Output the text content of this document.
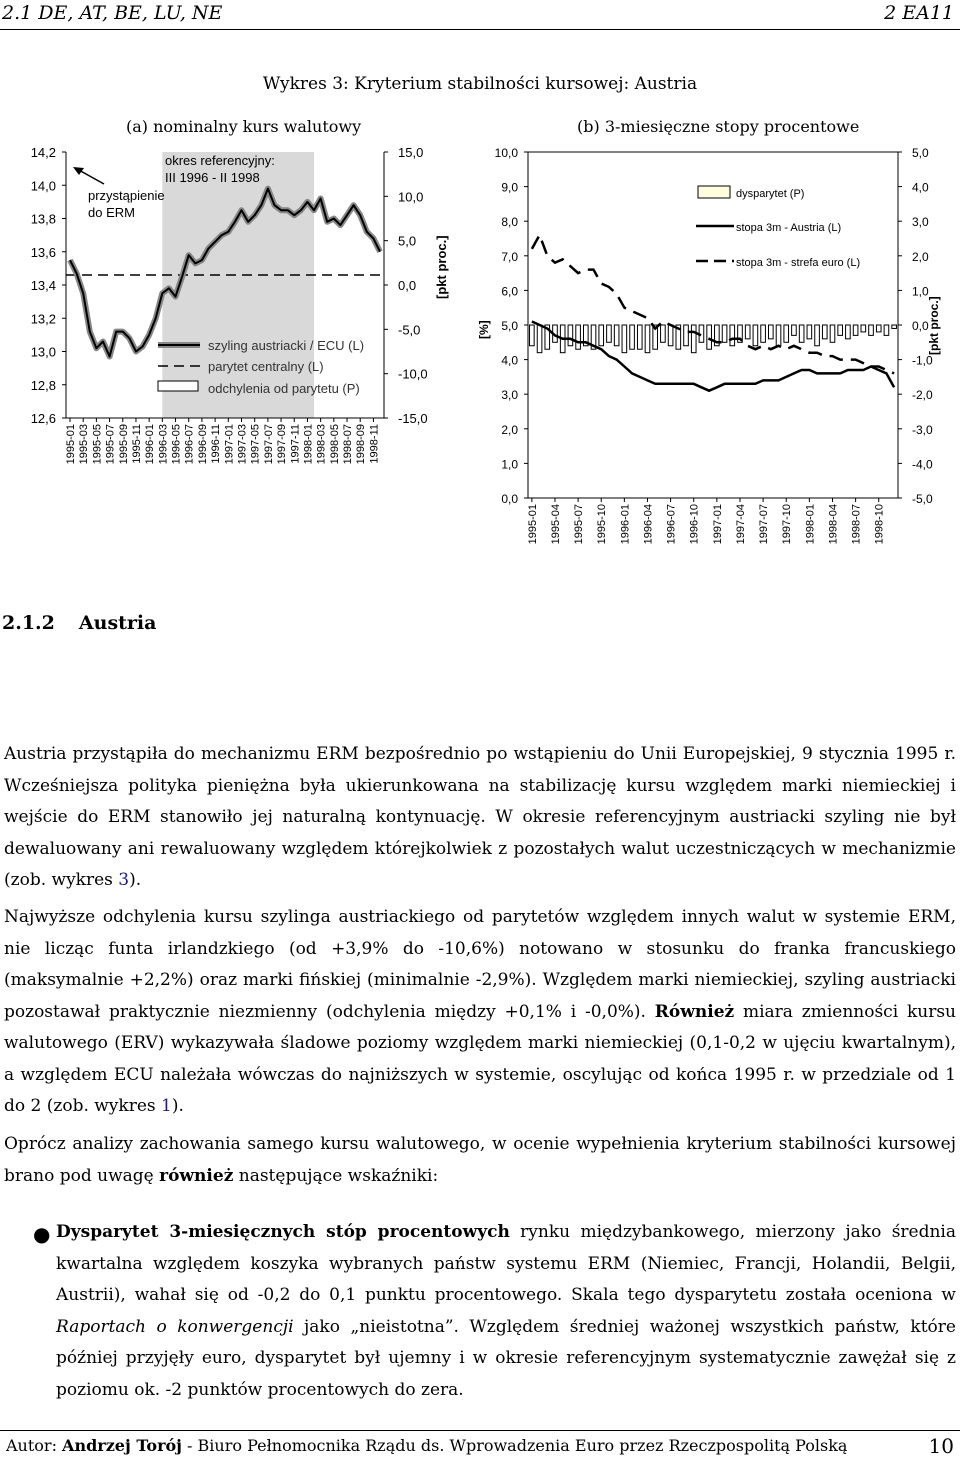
2.1 DE, AT, BE, LU, NE	2 EA11
Wykres 3: Kryterium stabilności kursowej: Austria
(a) nominalny kurs walutowy	(b) 3-miesięczne stopy procentowe
14,2
14,0
13,8
13,6
13,4
13,2
13,0
12,8
12,6
15,0
10,0
5,0
0,0
-5,0
-10,0
-15,0
[pkt proc.]
1995-01 1995-03 1995-05 1995-07 1995-09 1995-11 1996-01 1996-03 1996-05 1996-07 1996-09 1996-11 1997-01 1997-03 1997-05 1997-07 1997-09 1997-11 1998-01 1998-03 1998-05 1998-07 1998-09 1998-11
okres referencyjny:
III 1996 - II 1998
przystąpienie
do ERM
szyling austriacki / ECU (L)
parytet centralny (L)
odchylenia od parytetu (P)
10,0
9,0
8,0
7,0
6,0
5,0
4,0
3,0
2,0
1,0
0,0
5,0
4,0
3,0
2,0
1,0
0,0
-1,0
-2,0
-3,0
-4,0
-5,0
[%]	[pkt proc.]
1995-01 1995-04 1995-07 1995-10 1996-01 1996-04 1996-07 1996-10 1997-01 1997-04 1997-07 1997-10 1998-01 1998-04 1998-07 1998-10
dysparytet (P)
stopa 3m - Austria (L)
stopa 3m - strefa euro (L)
2.1.2 Austria
Austria przystąpiła do mechanizmu ERM bezpośrednio po wstąpieniu do Unii Europejskiej, 9 stycznia 1995 r. Wcześniejsza polityka pieniężna była ukierunkowana na stabilizację kursu względem marki niemieckiej i wejście do ERM stanowiło jej naturalną kontynuację. W okresie referencyjnym austriacki szyling nie był dewaluowany ani rewaluowany względem którejkolwiek z pozostałych walut uczestniczących w mechanizmie (zob. wykres 3).
Najwyższe odchylenia kursu szylinga austriackiego od parytetów względem innych walut w systemie ERM, nie licząc funta irlandzkiego (od +3,9% do -10,6%) notowano w stosunku do franka francuskiego (maksymalnie +2,2%) oraz marki fińskiej (minimalnie -2,9%). Względem marki niemieckiej, szyling austriacki pozostawał praktycznie niezmienny (odchylenia między +0,1% i -0,0%). Również miara zmienności kursu walutowego (ERV) wykazywała śladowe poziomy względem marki niemieckiej (0,1-0,2 w ujęciu kwartalnym), a względem ECU należała wówczas do najniższych w systemie, oscylując od końca 1995 r. w przedziale od 1 do 2 (zob. wykres 1).
Oprócz analizy zachowania samego kursu walutowego, w ocenie wypełnienia kryterium stabilności kursowej brano pod uwagę również następujące wskaźniki:
● Dysparytet 3-miesięcznych stóp procentowych rynku międzybankowego, mierzony jako średnia kwartalna względem koszyka wybranych państw systemu ERM (Niemiec, Francji, Holandii, Belgii, Austrii), wahał się od -0,2 do 0,1 punktu procentowego. Skala tego dysparytetu została oceniona w Raportach o konwergencji jako „nieistotna”. Względem średniej ważonej wszystkich państw, które później przyjęły euro, dysparytet był ujemny i w okresie referencyjnym systematycznie zawężał się z poziomu ok. -2 punktów procentowych do zera.
Autor: Andrzej Torój - Biuro Pełnomocnika Rządu ds. Wprowadzenia Euro przez Rzeczpospolitą Polską	10
